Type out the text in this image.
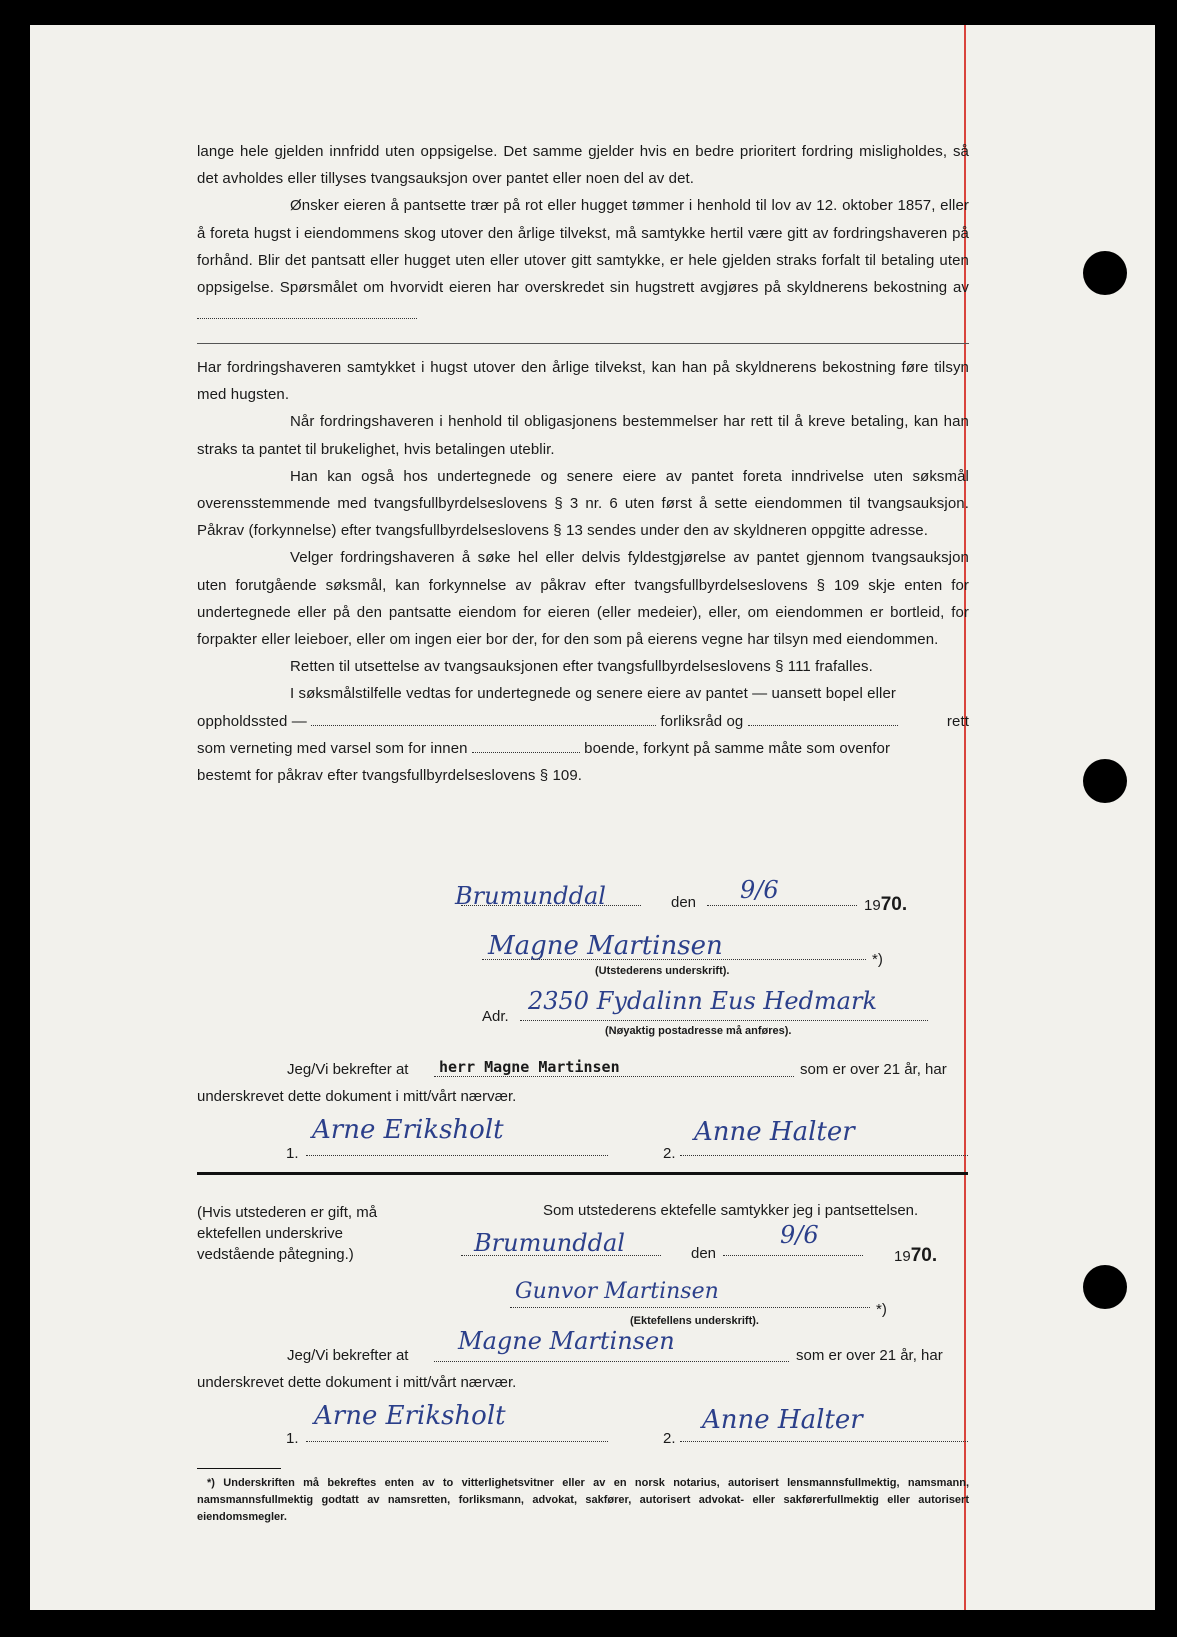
lange hele gjelden innfridd uten oppsigelse. Det samme gjelder hvis en bedre prioritert fordring misligholdes, så det avholdes eller tillyses tvangsauksjon over pantet eller noen del av det.

Ønsker eieren å pantsette trær på rot eller hugget tømmer i henhold til lov av 12. oktober 1857, eller å foreta hugst i eiendommens skog utover den årlige tilvekst, må samtykke hertil være gitt av fordringshaveren på forhånd. Blir det pantsatt eller hugget uten eller utover gitt samtykke, er hele gjelden straks forfalt til betaling uten oppsigelse. Spørsmålet om hvorvidt eieren har overskredet sin hugstrett avgjøres på skyldnerens bekostning av

Har fordringshaveren samtykket i hugst utover den årlige tilvekst, kan han på skyldnerens bekostning føre tilsyn med hugsten.

Når fordringshaveren i henhold til obligasjonens bestemmelser har rett til å kreve betaling, kan han straks ta pantet til brukelighet, hvis betalingen uteblir.

Han kan også hos undertegnede og senere eiere av pantet foreta inndrivelse uten søksmål overensstemmende med tvangsfullbyrdelseslovens § 3 nr. 6 uten først å sette eiendommen til tvangsauksjon. Påkrav (forkynnelse) efter tvangsfullbyrdelseslovens § 13 sendes under den av skyldneren oppgitte adresse.

Velger fordringshaveren å søke hel eller delvis fyldestgjørelse av pantet gjennom tvangsauksjon uten forutgående søksmål, kan forkynnelse av påkrav efter tvangsfullbyrdelseslovens § 109 skje enten for undertegnede eller på den pantsatte eiendom for eieren (eller medeier), eller, om eiendommen er bortleid, for forpakter eller leieboer, eller om ingen eier bor der, for den som på eierens vegne har tilsyn med eiendommen.

Retten til utsettelse av tvangsauksjonen efter tvangsfullbyrdelseslovens § 111 frafalles.

I søksmålstilfelle vedtas for undertegnede og senere eiere av pantet — uansett bopel eller

oppholdssted —	forliksråd og	rett

som verneting med varsel som for innen	boende, forkynt på samme måte som ovenfor

bestemt for påkrav efter tvangsfullbyrdelseslovens § 109.

Brumunddal	den 9/6
1970.
Magne Martinsen	*)
(Utstederens underskrift).
Adr.
2350 Fydalinn Eus Hedmark
(Nøyaktig postadresse må anføres).
Jeg/Vi bekrefter at herr Magne Martinsen	som er over 21 år, har
underskrevet dette dokument i mitt/vårt nærvær.
1.
Arne Eriksholt
2.
Anne Halter
(Hvis utstederen er gift, må ektefellen underskrive vedstående påtegning.)
Som utstederens ektefelle samtykker jeg i pantsettelsen.
Brumunddal	den
9/6
1970.
Gunvor Martinsen
*)
(Ektefellens underskrift).
Jeg/Vi bekrefter at
Magne Martinsen
som er over 21 år, har
underskrevet dette dokument i mitt/vårt nærvær.
1.
Arne Eriksholt
2.
Anne Halter
*) Underskriften må bekreftes enten av to vitterlighetsvitner eller av en norsk notarius, autorisert lensmannsfullmektig, namsmann, namsmannsfullmektig godtatt av namsretten, forliksmann, advokat, sakfører, autorisert advokat- eller sakførerfullmektig eller autorisert eiendomsmegler.
